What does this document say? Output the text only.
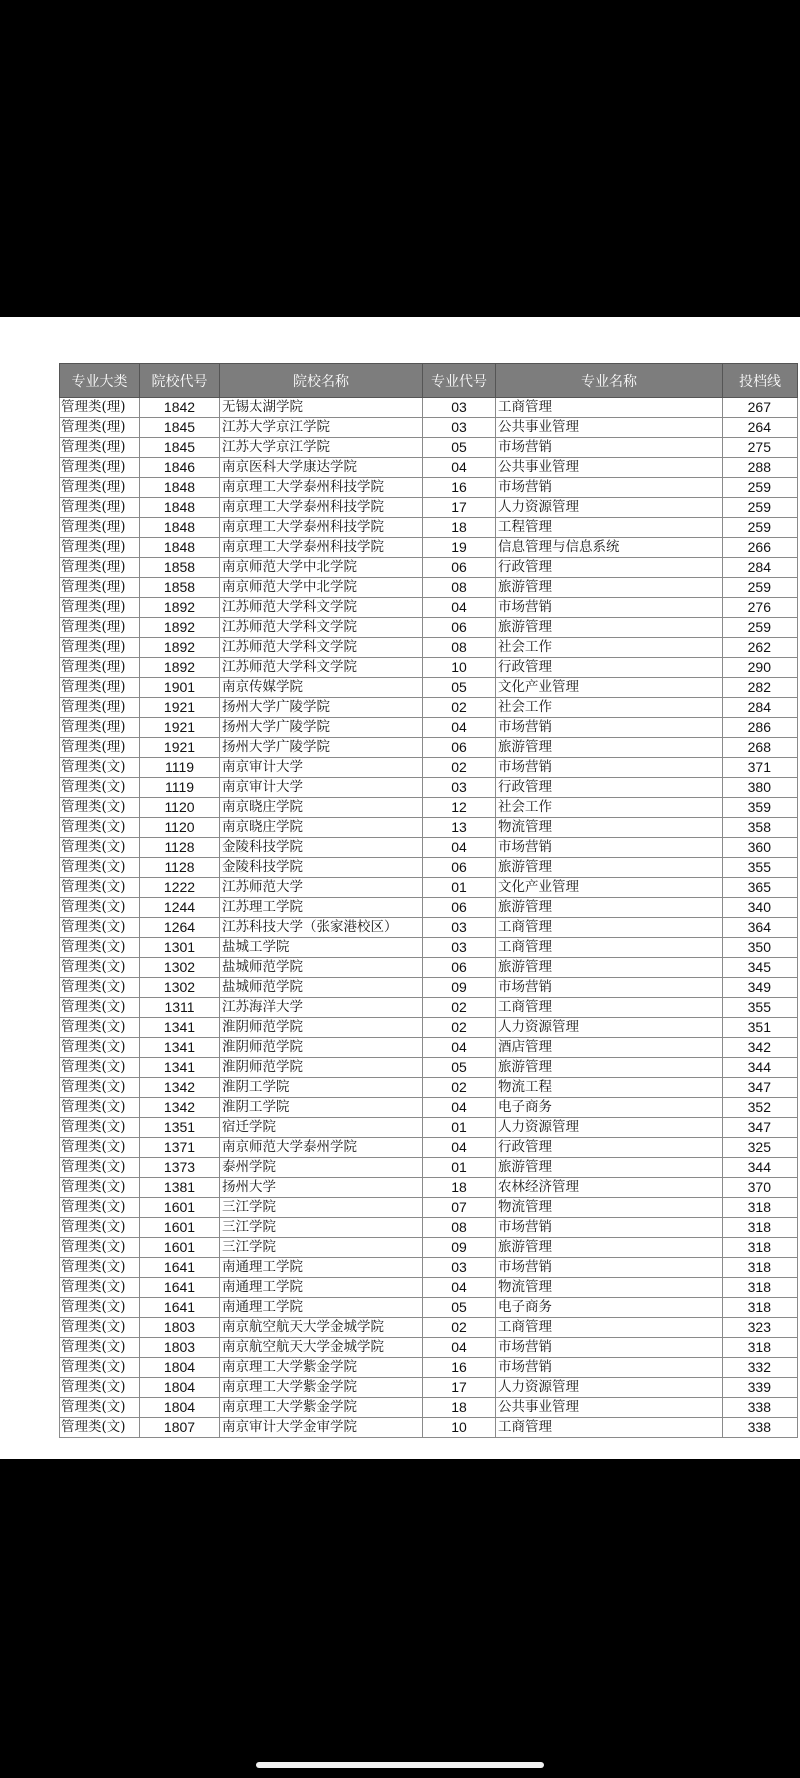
专业大类	院校代号	院校名称	专业代号	专业名称	投档线
管理类(理)	1842	无锡太湖学院	03	工商管理	267
管理类(理)	1845	江苏大学京江学院	03	公共事业管理	264
管理类(理)	1845	江苏大学京江学院	05	市场营销	275
管理类(理)	1846	南京医科大学康达学院	04	公共事业管理	288
管理类(理)	1848	南京理工大学泰州科技学院	16	市场营销	259
管理类(理)	1848	南京理工大学泰州科技学院	17	人力资源管理	259
管理类(理)	1848	南京理工大学泰州科技学院	18	工程管理	259
管理类(理)	1848	南京理工大学泰州科技学院	19	信息管理与信息系统	266
管理类(理)	1858	南京师范大学中北学院	06	行政管理	284
管理类(理)	1858	南京师范大学中北学院	08	旅游管理	259
管理类(理)	1892	江苏师范大学科文学院	04	市场营销	276
管理类(理)	1892	江苏师范大学科文学院	06	旅游管理	259
管理类(理)	1892	江苏师范大学科文学院	08	社会工作	262
管理类(理)	1892	江苏师范大学科文学院	10	行政管理	290
管理类(理)	1901	南京传媒学院	05	文化产业管理	282
管理类(理)	1921	扬州大学广陵学院	02	社会工作	284
管理类(理)	1921	扬州大学广陵学院	04	市场营销	286
管理类(理)	1921	扬州大学广陵学院	06	旅游管理	268
管理类(文)	1119	南京审计大学	02	市场营销	371
管理类(文)	1119	南京审计大学	03	行政管理	380
管理类(文)	1120	南京晓庄学院	12	社会工作	359
管理类(文)	1120	南京晓庄学院	13	物流管理	358
管理类(文)	1128	金陵科技学院	04	市场营销	360
管理类(文)	1128	金陵科技学院	06	旅游管理	355
管理类(文)	1222	江苏师范大学	01	文化产业管理	365
管理类(文)	1244	江苏理工学院	06	旅游管理	340
管理类(文)	1264	江苏科技大学（张家港校区）	03	工商管理	364
管理类(文)	1301	盐城工学院	03	工商管理	350
管理类(文)	1302	盐城师范学院	06	旅游管理	345
管理类(文)	1302	盐城师范学院	09	市场营销	349
管理类(文)	1311	江苏海洋大学	02	工商管理	355
管理类(文)	1341	淮阴师范学院	02	人力资源管理	351
管理类(文)	1341	淮阴师范学院	04	酒店管理	342
管理类(文)	1341	淮阴师范学院	05	旅游管理	344
管理类(文)	1342	淮阴工学院	02	物流工程	347
管理类(文)	1342	淮阴工学院	04	电子商务	352
管理类(文)	1351	宿迁学院	01	人力资源管理	347
管理类(文)	1371	南京师范大学泰州学院	04	行政管理	325
管理类(文)	1373	泰州学院	01	旅游管理	344
管理类(文)	1381	扬州大学	18	农林经济管理	370
管理类(文)	1601	三江学院	07	物流管理	318
管理类(文)	1601	三江学院	08	市场营销	318
管理类(文)	1601	三江学院	09	旅游管理	318
管理类(文)	1641	南通理工学院	03	市场营销	318
管理类(文)	1641	南通理工学院	04	物流管理	318
管理类(文)	1641	南通理工学院	05	电子商务	318
管理类(文)	1803	南京航空航天大学金城学院	02	工商管理	323
管理类(文)	1803	南京航空航天大学金城学院	04	市场营销	318
管理类(文)	1804	南京理工大学紫金学院	16	市场营销	332
管理类(文)	1804	南京理工大学紫金学院	17	人力资源管理	339
管理类(文)	1804	南京理工大学紫金学院	18	公共事业管理	338
管理类(文)	1807	南京审计大学金审学院	10	工商管理	338
